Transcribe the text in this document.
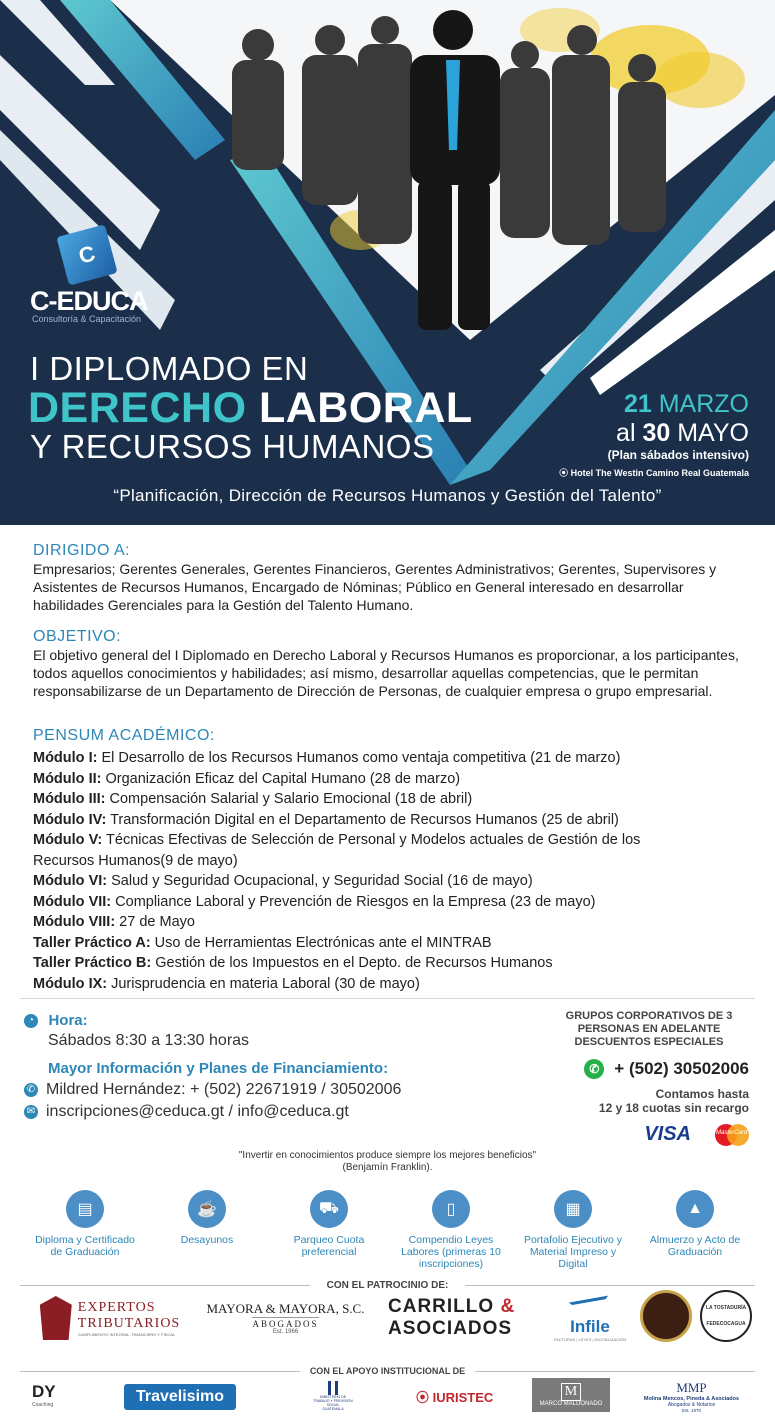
C
C-EDUCA
Consultoría & Capacitación
I DIPLOMADO EN
DERECHO LABORAL
Y RECURSOS HUMANOS
21 MARZO
al 30 MAYO
(Plan sábados intensivo)
⦿ Hotel The Westin Camino Real Guatemala
“Planificación, Dirección de Recursos Humanos y Gestión del Talento”
DIRIGIDO A:

Empresarios; Gerentes Generales, Gerentes Financieros, Gerentes Administrativos; Gerentes, Supervisores y Asistentes de Recursos Humanos, Encargado de Nóminas; Público en General interesado en desarrollar habilidades Gerenciales para la Gestión del Talento Humano.

OBJETIVO:

El objetivo general del I Diplomado en Derecho Laboral y Recursos Humanos es proporcionar, a los participantes, todos aquellos conocimientos y habilidades; así mismo, desarrollar aquellas competencias, que le permitan responsabilizarse de un Departamento de Dirección de Personas, de cualquier empresa o grupo empresarial.

PENSUM ACADÉMICO:
Módulo I: El Desarrollo de los Recursos Humanos como ventaja competitiva (21 de marzo)
Módulo II: Organización Eficaz del Capital Humano (28 de marzo)
Módulo III: Compensación Salarial y Salario Emocional (18 de abril)
Módulo IV: Transformación Digital en el Departamento de Recursos Humanos (25 de abril)
Módulo V: Técnicas Efectivas de Selección de Personal y Modelos actuales de Gestión de los Recursos Humanos(9 de mayo)
Módulo VI: Salud y Seguridad Ocupacional, y Seguridad Social (16 de mayo)
Módulo VII: Compliance Laboral y Prevención de Riesgos en la Empresa (23 de mayo)
Módulo VIII: 27 de Mayo
Taller Práctico A: Uso de Herramientas Electrónicas ante el MINTRAB
Taller Práctico B: Gestión de los Impuestos en el Depto. de Recursos Humanos
Módulo IX: Jurisprudencia en materia Laboral (30 de mayo)
◔ Hora:

Sábados 8:30 a 13:30 horas

Mayor Información y Planes de Financiamiento:
✆ Mildred Hernández: + (502) 22671919 / 30502006
✉ inscripciones@ceduca.gt / info@ceduca.gt
GRUPOS CORPORATIVOS DE 3 PERSONAS EN ADELANTE DESCUENTOS ESPECIALES
✆ + (502) 30502006
Contamos hasta
12 y 18 cuotas sin recargo
VISA	MasterCard
"Invertir en conocimientos produce siempre los mejores beneficios"
(Benjamín Franklin).
▤

Diploma y Certificado de Graduación

☕

Desayunos

⛟

Parqueo Cuota preferencial

▯

Compendio Leyes Labores (primeras 10 inscripciones)

▦

Portafolio Ejecutivo y Material Impreso y Digital

▲

Almuerzo y Acto de Graduación

CON EL PATROCINIO DE:
EXPERTOS
TRIBUTARIOS
CUMPLIMIENTO INTEGRAL, FINANCIERO Y FISCAL
MAYORA & MAYORA, S.C.
ABOGADOS
Est. 1966
CARRILLO &
ASOCIADOS	Infile
FACTURAS | LEYES | DIGITALIZACIÓN
LA TOSTADURÍA
FEDECOCAGUA
CON EL APOYO INSTITUCIONAL DE
DY
Coaching	Travelisimo	MINISTERIO DE
TRABAJO Y PREVISIÓN SOCIAL
GUATEMALA
⦿ IURISTEC	M
MARCO MALDONADO
MMP
Molina Mencos, Pineda & Asociados
Abogados & Notarios
Est. 1970
